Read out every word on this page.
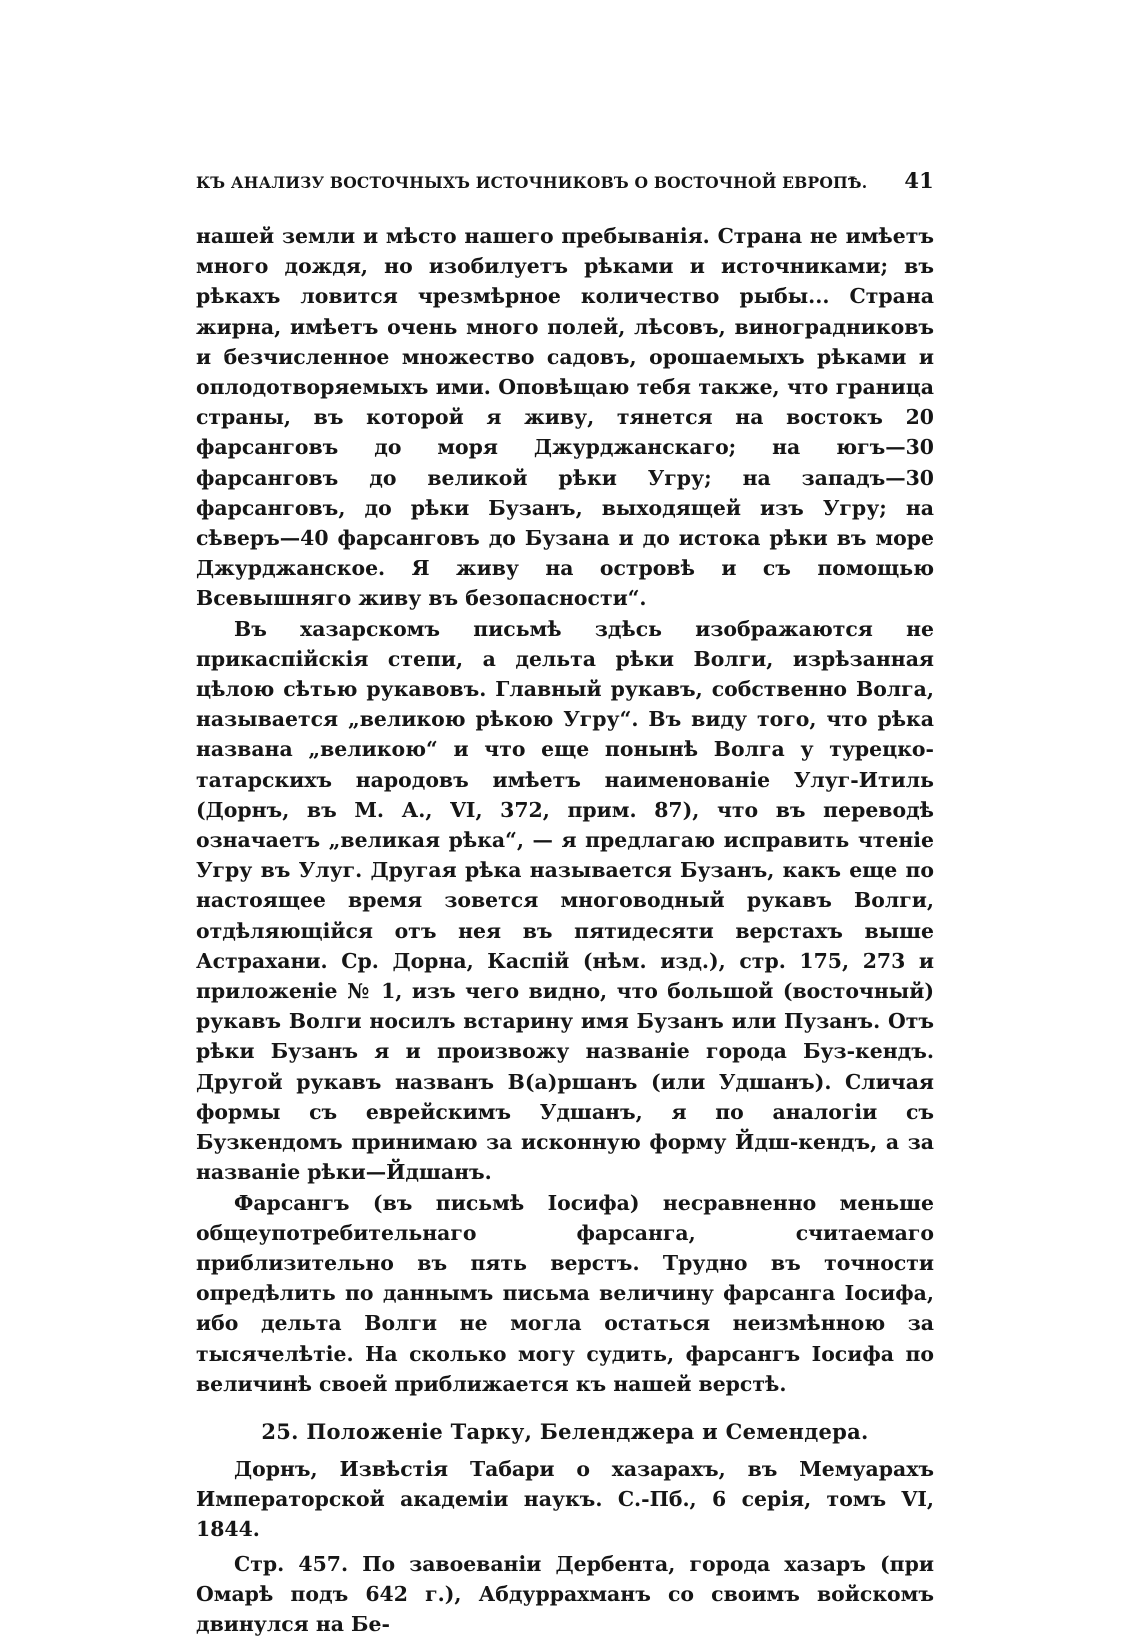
КЪ АНАЛИЗУ ВОСТОЧНЫХЪ ИСТОЧНИКОВЪ О ВОСТОЧНОЙ ЕВРОПѢ. 41

нашей земли и мѣсто нашего пребыванія. Страна не имѣетъ много дождя, но изобилуетъ рѣками и источниками; въ рѣкахъ ловится чрезмѣрное количество рыбы... Страна жирна, имѣетъ очень много полей, лѣсовъ, виноградниковъ и безчисленное множество садовъ, орошаемыхъ рѣками и оплодотворяемыхъ ими. Оповѣщаю тебя также, что граница страны, въ которой я живу, тянется на востокъ 20 фарсанговъ до моря Джурджанскаго; на югъ—30 фарсанговъ до великой рѣки Угру; на западъ—30 фарсанговъ, до рѣки Бузанъ, выходящей изъ Угру; на сѣверъ—40 фарсанговъ до Бузана и до истока рѣки въ море Джурджанское. Я живу на островѣ и съ помощью Всевышняго живу въ безопасности“.

Въ хазарскомъ письмѣ здѣсь изображаются не прикаспійскія степи, а дельта рѣки Волги, изрѣзанная цѣлою сѣтью рукавовъ. Главный рукавъ, собственно Волга, называется „великою рѣкою Угру“. Въ виду того, что рѣка названа „великою“ и что еще понынѣ Волга у турецко-татарскихъ народовъ имѣетъ наименованіе Улуг-Итиль (Дорнъ, въ М. А., VI, 372, прим. 87), что въ переводѣ означаетъ „великая рѣка“, — я предлагаю исправить чтеніе Угру въ Улуг. Другая рѣка называется Бузанъ, какъ еще по настоящее время зовется многоводный рукавъ Волги, отдѣляющійся отъ нея въ пятидесяти верстахъ выше Астрахани. Ср. Дорна, Каспій (нѣм. изд.), стр. 175, 273 и приложеніе № 1, изъ чего видно, что большой (восточный) рукавъ Волги носилъ встарину имя Бузанъ или Пузанъ. Отъ рѣки Бузанъ я и произвожу названіе города Буз-кендъ. Другой рукавъ названъ В(а)ршанъ (или Удшанъ). Сличая формы съ еврейскимъ Удшанъ, я по аналогіи съ Бузкендомъ принимаю за исконную форму Йдш-кендъ, а за названіе рѣки—Йдшанъ.

Фарсангъ (въ письмѣ Іосифа) несравненно меньше общеупотребительнаго фарсанга, считаемаго приблизительно въ пять верстъ. Трудно въ точности опредѣлить по даннымъ письма величину фарсанга Іосифа, ибо дельта Волги не могла остаться неизмѣнною за тысячелѣтіе. На сколько могу судить, фарсангъ Іосифа по величинѣ своей приближается къ нашей верстѣ.

25. Положеніе Тарку, Беленджера и Семендера.

Дорнъ, Извѣстія Табари о хазарахъ, въ Мемуарахъ Императорской академіи наукъ. С.-Пб., 6 серія, томъ VI, 1844.

Стр. 457. По завоеваніи Дербента, города хазаръ (при Омарѣ подъ 642 г.), Абдуррахманъ со своимъ войскомъ двинулся на Бе-
